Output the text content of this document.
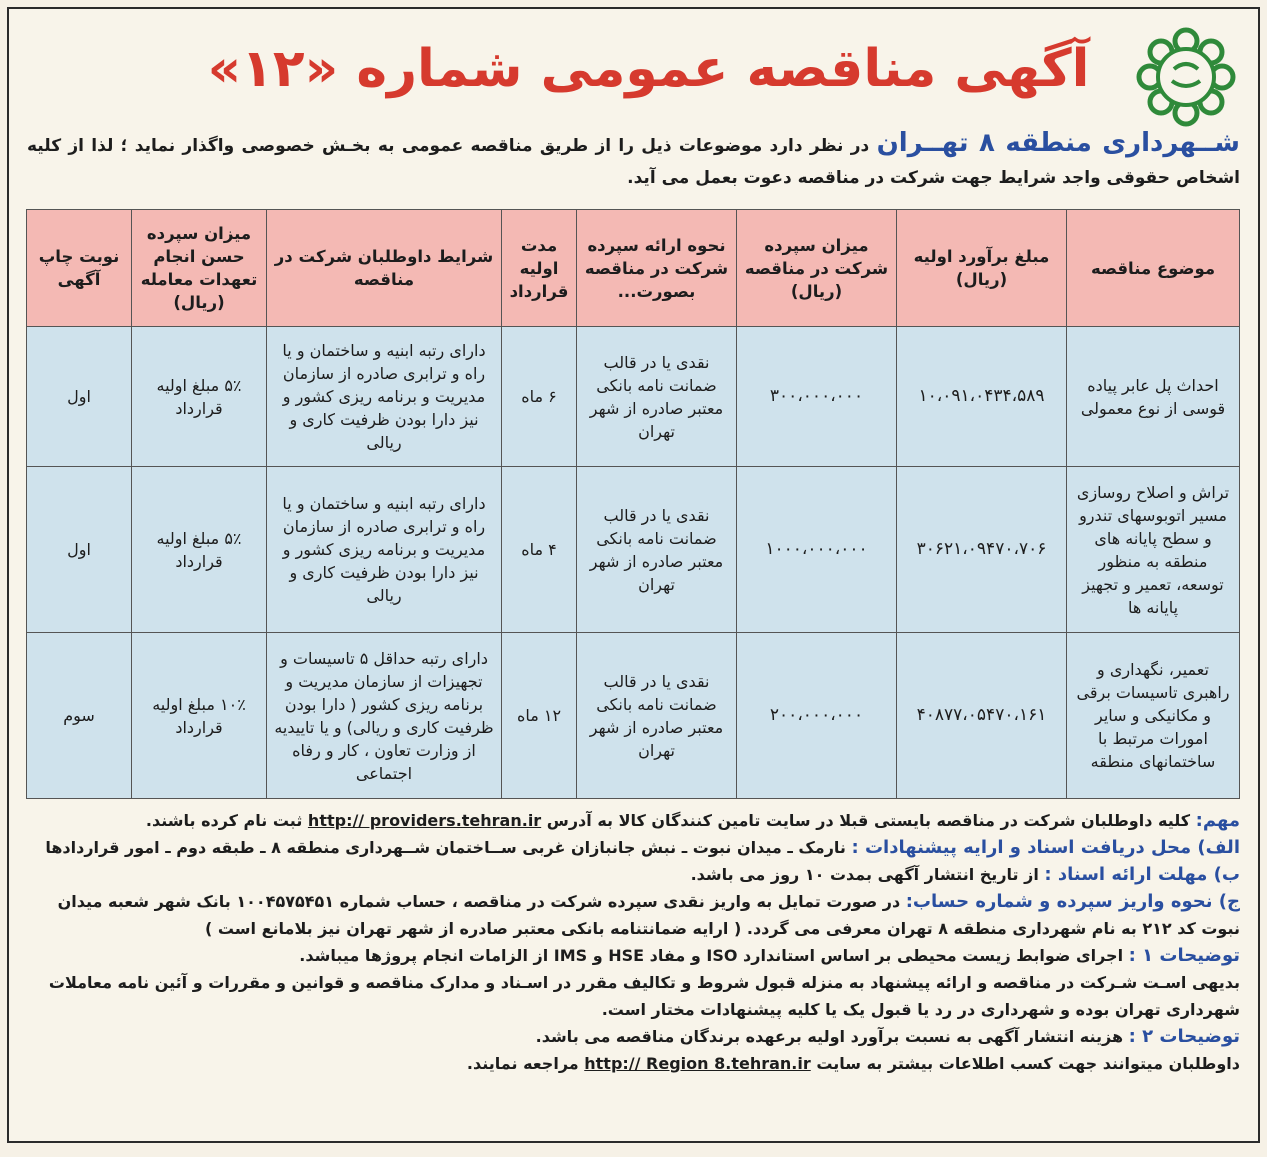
آگهی مناقصه عمومی شماره «۱۲»
شــهرداری منطقه ۸ تهــران در نظر دارد موضوعات ذیل را از طریق مناقصه عمومی به بخـش خصوصی واگذار نماید ؛ لذا از کلیه اشخاص حقوقی واجد شرایط جهت شرکت در مناقصه دعوت بعمل می آید.
موضوع مناقصه	مبلغ برآورد اولیه (ریال)	میزان سپرده شرکت در مناقصه (ریال)	نحوه ارائه سپرده شرکت در مناقصه بصورت...	مدت اولیه قرارداد	شرایط داوطلبان شرکت در مناقصه	میزان سپرده حسن انجام تعهدات معامله (ریال)	نوبت چاپ آگهی
احداث پل عابر پیاده قوسی از نوع معمولی	۱۰،۰۹۱،۰۴۳۴،۵۸۹	۳۰۰،۰۰۰،۰۰۰	نقدی یا در قالب ضمانت نامه بانکی معتبر صادره از شهر تهران	۶ ماه	دارای رتبه ابنیه و ساختمان و یا راه و ترابری صادره از سازمان مدیریت و برنامه ریزی کشور و نیز دارا بودن ظرفیت کاری و ریالی	۵٪ مبلغ اولیه قرارداد	اول
تراش و اصلاح روسازی مسیر اتوبوسهای تندرو و سطح پایانه های منطقه به منظور توسعه، تعمیر و تجهیز پایانه ها	۳۰۶۲۱،۰۹۴۷۰،۷۰۶	۱۰۰۰،۰۰۰،۰۰۰	نقدی یا در قالب ضمانت نامه بانکی معتبر صادره از شهر تهران	۴ ماه	دارای رتبه ابنیه و ساختمان و یا راه و ترابری صادره از سازمان مدیریت و برنامه ریزی کشور و نیز دارا بودن ظرفیت کاری و ریالی	۵٪ مبلغ اولیه قرارداد	اول
تعمیر، نگهداری و راهبری تاسیسات برقی و مکانیکی و سایر امورات مرتبط با ساختمانهای منطقه	۴۰۸۷۷،۰۵۴۷۰،۱۶۱	۲۰۰،۰۰۰،۰۰۰	نقدی یا در قالب ضمانت نامه بانکی معتبر صادره از شهر تهران	۱۲ ماه	دارای رتبه حداقل ۵ تاسیسات و تجهیزات از سازمان مدیریت و برنامه ریزی کشور ( دارا بودن ظرفیت کاری و ریالی) و یا تاییدیه از وزارت تعاون ، کار و رفاه اجتماعی	۱۰٪ مبلغ اولیه قرارداد	سوم

مهم: کلیه داوطلبان شرکت در مناقصه بایستی قبلا در سایت تامین کنندگان کالا به آدرس http:// providers.tehran.ir ثبت نام کرده باشند.

الف) محل دریافت اسناد و ارایه پیشنهادات : نارمک ـ میدان نبوت ـ نبش جانبازان غربی ســاختمان شــهرداری منطقه ۸ ـ طبقه دوم ـ امور قراردادها

ب) مهلت ارائه اسناد : از تاریخ انتشار آگهی بمدت ۱۰ روز می باشد.

ج) نحوه واریز سپرده و شماره حساب: در صورت تمایل به واریز نقدی سپرده شرکت در مناقصه ، حساب شماره ۱۰۰۴۵۷۵۴۵۱ بانک شهر شعبه میدان نبوت کد ۲۱۲ به نام شهرداری منطقه ۸ تهران معرفی می گردد. ( ارایه ضمانتنامه بانکی معتبر صادره از شهر تهران نیز بلامانع است )

توضیحات ۱ : اجرای ضوابط زیست محیطی بر اساس استاندارد ISO و مفاد HSE و IMS از الزامات انجام پروژها میباشد.

بدیهی اسـت شـرکت در مناقصه و ارائه پیشنهاد به منزله قبول شروط و تکالیف مقرر در اسـناد و مدارک مناقصه و قوانین و مقررات و آئین نامه معاملات شهرداری تهران بوده و شهرداری در رد یا قبول یک یا کلیه پیشنهادات مختار است.

توضیحات ۲ : هزینه انتشار آگهی به نسبت برآورد اولیه برعهده برندگان مناقصه می باشد.

داوطلبان میتوانند جهت کسب اطلاعات بیشتر به سایت http:// Region 8.tehran.ir مراجعه نمایند.
